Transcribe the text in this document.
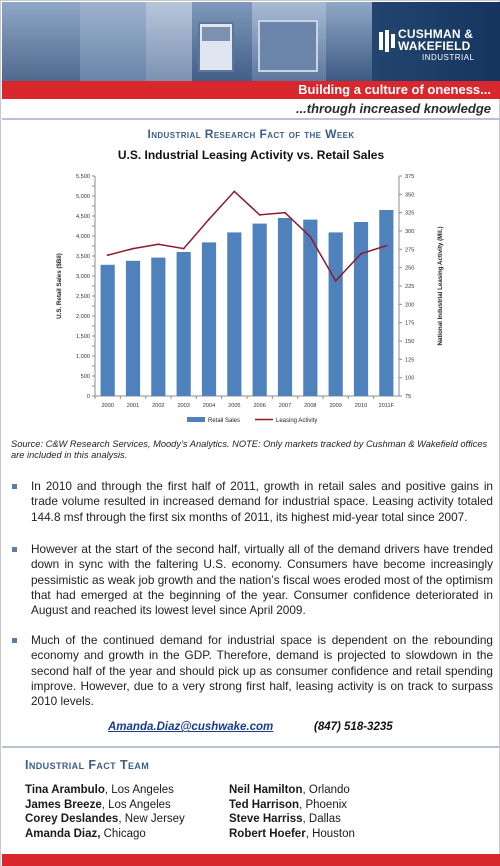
CUSHMAN &
WAKEFIELD
INDUSTRIAL
Building a culture of oneness...
...through increased knowledge
Industrial Research Fact of the Week
U.S. Industrial Leasing Activity vs. Retail Sales
0
500
1,000
1,500
2,000
2,500
3,000
3,500
4,000
4,500
5,000
5,500
75
100
125
150
175
200
225
250
275
300
325
350
375
2000 2001 2002 2003 2004 2005 2006 2007 2008 2009 2010 2011F
U.S. Retail Sales ($Bil)	National Industrial Leasing Activity (Mil.)
Retail Sales	Leasing Activity
Source: C&W Research Services, Moody’s Analytics. NOTE: Only markets tracked by Cushman & Wakefield offices are included in this analysis.
In 2010 and through the first half of 2011, growth in retail sales and positive gains in trade volume resulted in increased demand for industrial space. Leasing activity totaled 144.8 msf through the first six months of 2011, its highest mid-year total since 2007.
However at the start of the second half, virtually all of the demand drivers have trended down in sync with the faltering U.S. economy. Consumers have become increasingly pessimistic as weak job growth and the nation’s fiscal woes eroded most of the optimism that had emerged at the beginning of the year. Consumer confidence deteriorated in August and reached its lowest level since April 2009.
Much of the continued demand for industrial space is dependent on the rebounding economy and growth in the GDP. Therefore, demand is projected to slowdown in the second half of the year and should pick up as consumer confidence and retail spending improve. However, due to a very strong first half, leasing activity is on track to surpass 2010 levels.
Amanda.Diaz@cushwake.com	(847) 518-3235
Industrial Fact Team
Tina Arambulo, Los Angeles
James Breeze, Los Angeles
Corey Deslandes, New Jersey
Amanda Diaz, Chicago
Neil Hamilton, Orlando
Ted Harrison, Phoenix
Steve Harriss, Dallas
Robert Hoefer, Houston
